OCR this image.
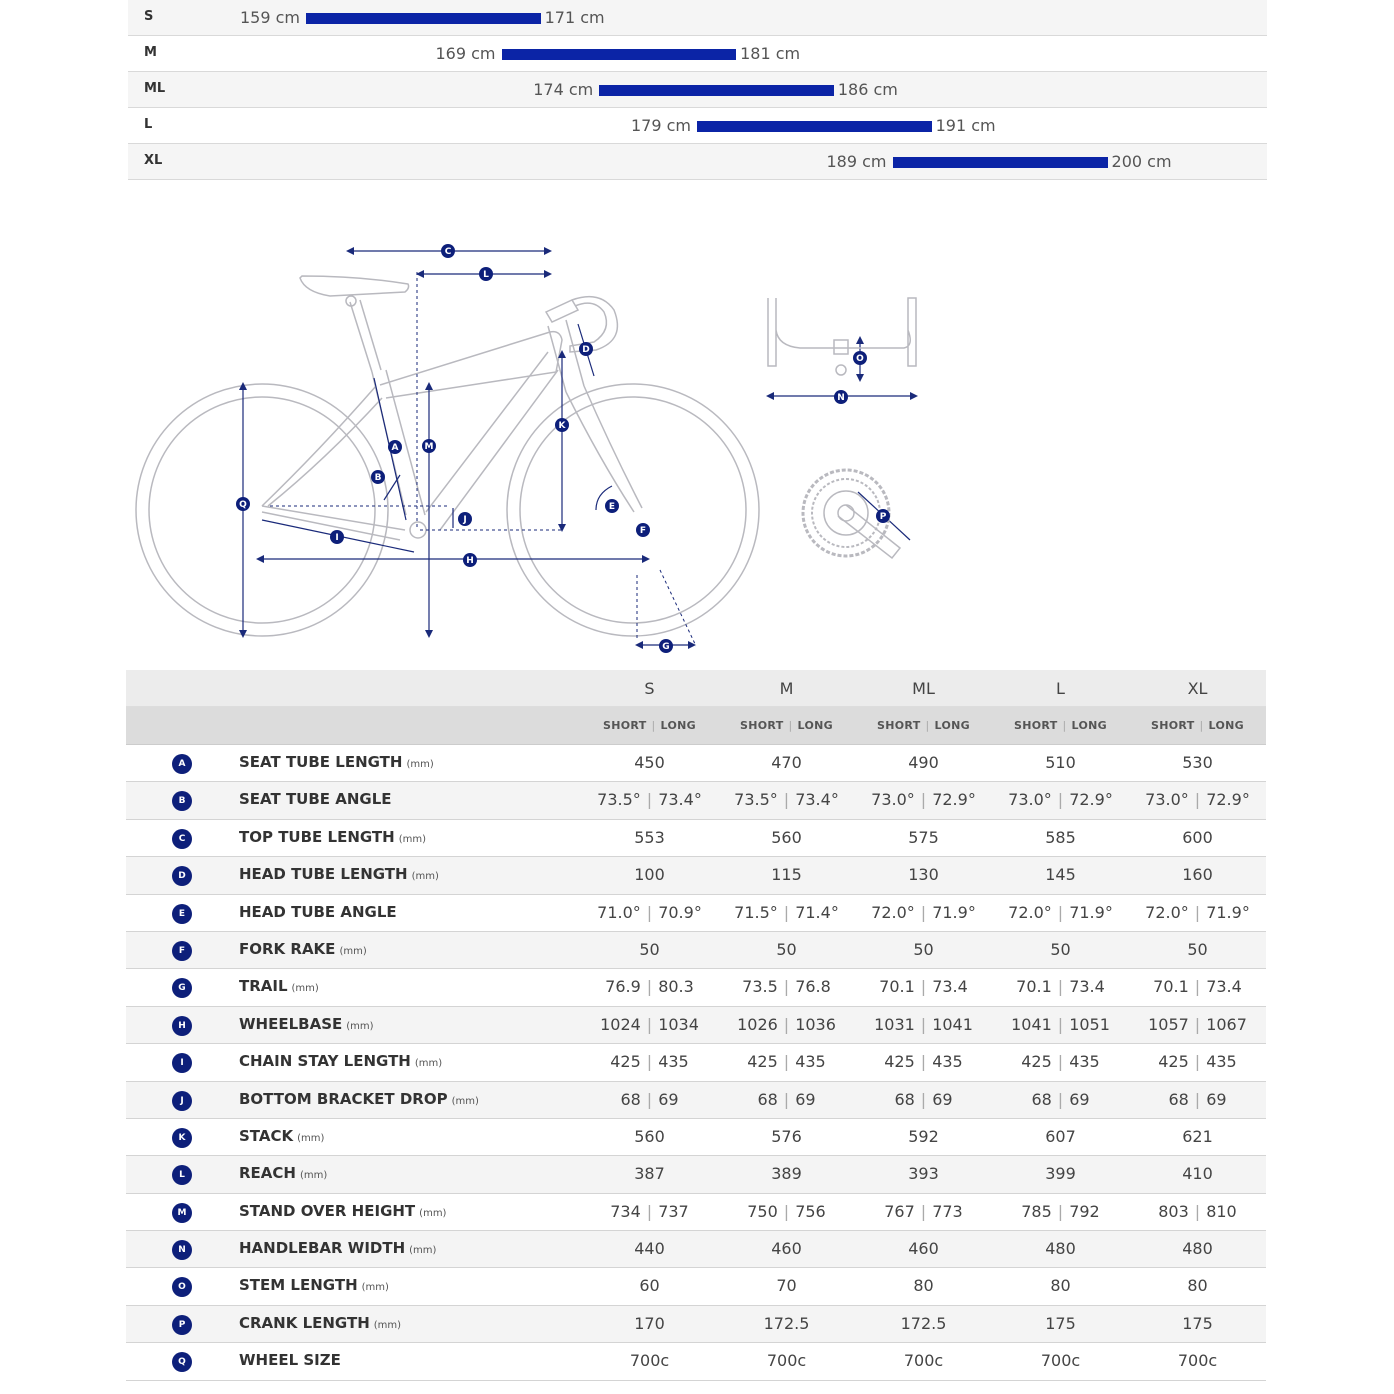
S	159 cm	171 cm
M	169 cm	181 cm
ML	174 cm	186 cm
L	179 cm	191 cm
XL	189 cm	200 cm
A
B
C
D
E
F
G
H
I
J
K
L
M
N
O
P
Q
S	M	ML	L	XL
SHORT | LONG	SHORT | LONG	SHORT | LONG	SHORT | LONG	SHORT | LONG
A	SEAT TUBE LENGTH (mm)	450	470	490	510	530
B	SEAT TUBE ANGLE	73.5° | 73.4°	73.5° | 73.4°	73.0° | 72.9°	73.0° | 72.9°	73.0° | 72.9°
C	TOP TUBE LENGTH (mm)	553	560	575	585	600
D	HEAD TUBE LENGTH (mm)	100	115	130	145	160
E	HEAD TUBE ANGLE	71.0° | 70.9°	71.5° | 71.4°	72.0° | 71.9°	72.0° | 71.9°	72.0° | 71.9°
F	FORK RAKE (mm)	50	50	50	50	50
G	TRAIL (mm)	76.9 | 80.3	73.5 | 76.8	70.1 | 73.4	70.1 | 73.4	70.1 | 73.4
H	WHEELBASE (mm)	1024 | 1034	1026 | 1036	1031 | 1041	1041 | 1051	1057 | 1067
I	CHAIN STAY LENGTH (mm)	425 | 435	425 | 435	425 | 435	425 | 435	425 | 435
J	BOTTOM BRACKET DROP (mm)	68 | 69	68 | 69	68 | 69	68 | 69	68 | 69
K	STACK (mm)	560	576	592	607	621
L	REACH (mm)	387	389	393	399	410
M	STAND OVER HEIGHT (mm)	734 | 737	750 | 756	767 | 773	785 | 792	803 | 810
N	HANDLEBAR WIDTH (mm)	440	460	460	480	480
O	STEM LENGTH (mm)	60	70	80	80	80
P	CRANK LENGTH (mm)	170	172.5	172.5	175	175
Q	WHEEL SIZE	700c	700c	700c	700c	700c
